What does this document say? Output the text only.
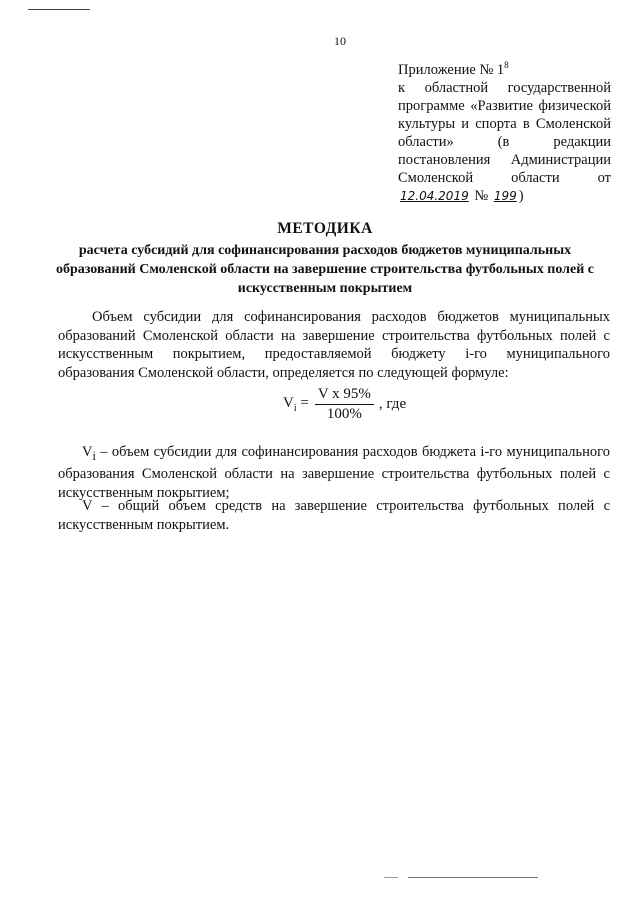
10
Приложение № $1^8$
к областной государственной программе «Развитие физической культуры и спорта в Смоленской области» (в редакции постановления Администрации Смоленской области от 12.04.2019 № 199 )
МЕТОДИКА
расчета субсидий для софинансирования расходов бюджетов муниципальных образований Смоленской области на завершение строительства футбольных полей с искусственным покрытием
Объем субсидии для софинансирования расходов бюджетов муниципальных образований Смоленской области на завершение строительства футбольных полей с искусственным покрытием, предоставляемой бюджету i-го муниципального образования Смоленской области, определяется по следующей формуле:
$V_i = \frac{\text{V x 95\%}}{100\%}$ , где
$V_i$ – объем субсидии для софинансирования расходов бюджета i-го муниципального образования Смоленской области на завершение строительства футбольных полей с искусственным покрытием;
V – общий объем средств на завершение строительства футбольных полей с искусственным покрытием.
